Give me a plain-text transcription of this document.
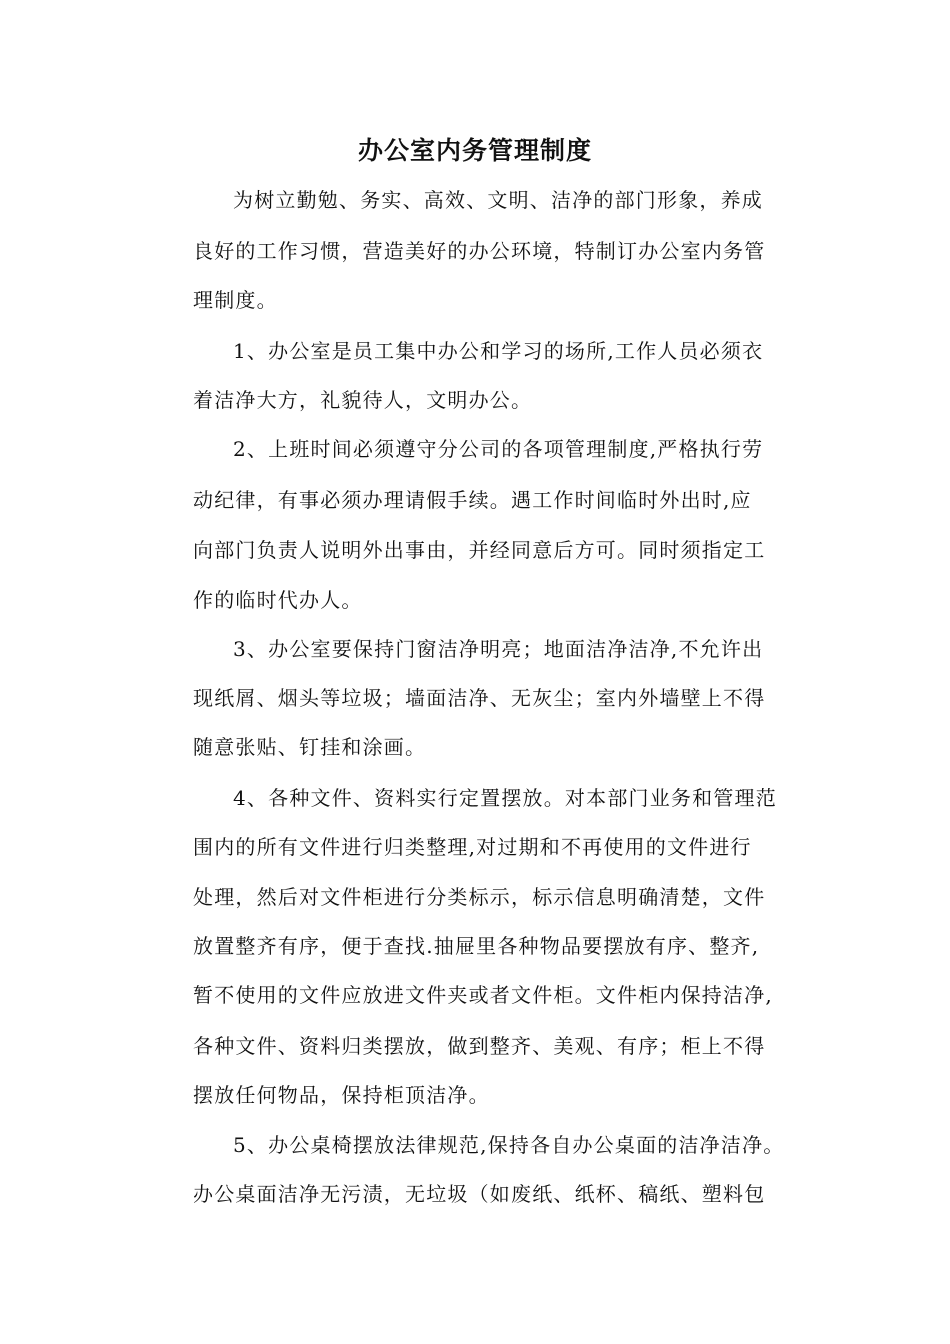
办公室内务管理制度
为树立勤勉、务实、高效、文明、洁净的部门形象，养成
良好的工作习惯，营造美好的办公环境，特制订办公室内务管
理制度。
1、办公室是员工集中办公和学习的场所,工作人员必须衣
着洁净大方，礼貌待人，文明办公。
2、上班时间必须遵守分公司的各项管理制度,严格执行劳
动纪律，有事必须办理请假手续。遇工作时间临时外出时,应
向部门负责人说明外出事由，并经同意后方可。同时须指定工
作的临时代办人。
3、办公室要保持门窗洁净明亮；地面洁净洁净,不允许出
现纸屑、烟头等垃圾；墙面洁净、无灰尘；室内外墙壁上不得
随意张贴、钉挂和涂画。
4、各种文件、资料实行定置摆放。对本部门业务和管理范
围内的所有文件进行归类整理,对过期和不再使用的文件进行
处理，然后对文件柜进行分类标示，标示信息明确清楚，文件
放置整齐有序，便于查找.抽屉里各种物品要摆放有序、整齐,
暂不使用的文件应放进文件夹或者文件柜。文件柜内保持洁净,
各种文件、资料归类摆放，做到整齐、美观、有序；柜上不得
摆放任何物品，保持柜顶洁净。
5、办公桌椅摆放法律规范,保持各自办公桌面的洁净洁净。
办公桌面洁净无污渍，无垃圾（如废纸、纸杯、稿纸、塑料包
